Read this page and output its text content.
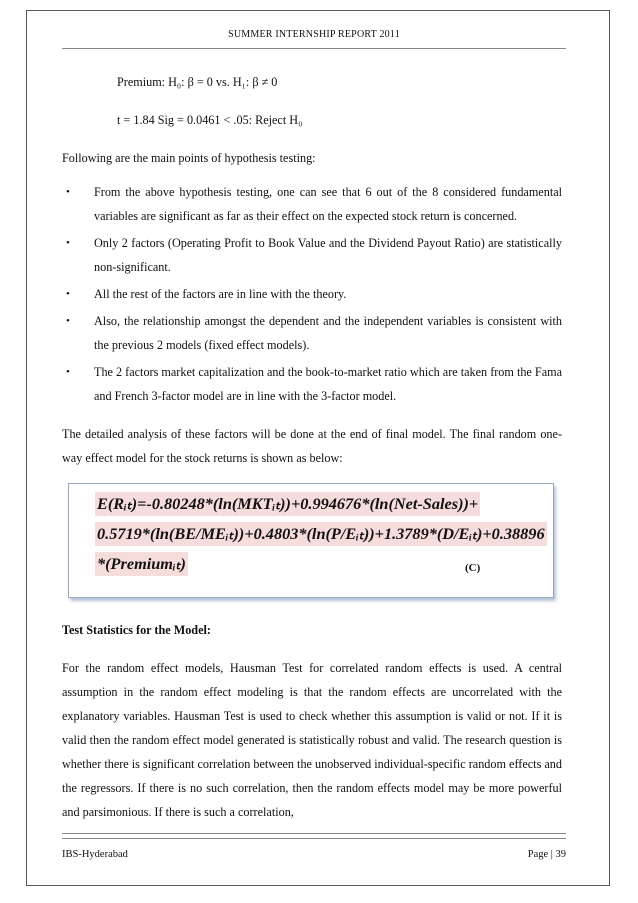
SUMMER INTERNSHIP REPORT 2011

Premium: H₀: β = 0 vs. H₁: β ≠ 0

t = 1.84 Sig = 0.0461 < .05: Reject H₀

Following are the main points of hypothesis testing:

• From the above hypothesis testing, one can see that 6 out of the 8 considered fundamental variables are significant as far as their effect on the expected stock return is concerned.
• Only 2 factors (Operating Profit to Book Value and the Dividend Payout Ratio) are statistically non-significant.
• All the rest of the factors are in line with the theory.
• Also, the relationship amongst the dependent and the independent variables is consistent with the previous 2 models (fixed effect models).
• The 2 factors market capitalization and the book-to-market ratio which are taken from the Fama and French 3-factor model are in line with the 3-factor model.

The detailed analysis of these factors will be done at the end of final model. The final random one-way effect model for the stock returns is shown as below:

E(Rᵢₜ)=-0.80248*(ln(MKTᵢₜ))+0.994676*(ln(Net-Sales))+
0.5719*(ln(BE/MEᵢₜ))+0.4803*(ln(P/Eᵢₜ))+1.3789*(D/Eᵢₜ)+0.38896
*(Premiumᵢₜ)	(C)

Test Statistics for the Model:

For the random effect models, Hausman Test for correlated random effects is used. A central assumption in the random effect modeling is that the random effects are uncorrelated with the explanatory variables. Hausman Test is used to check whether this assumption is valid or not. If it is valid then the random effect model generated is statistically robust and valid. The research question is whether there is significant correlation between the unobserved individual-specific random effects and the regressors. If there is no such correlation, then the random effects model may be more powerful and parsimonious. If there is such a correlation,

IBS-Hyderabad	Page | 39
